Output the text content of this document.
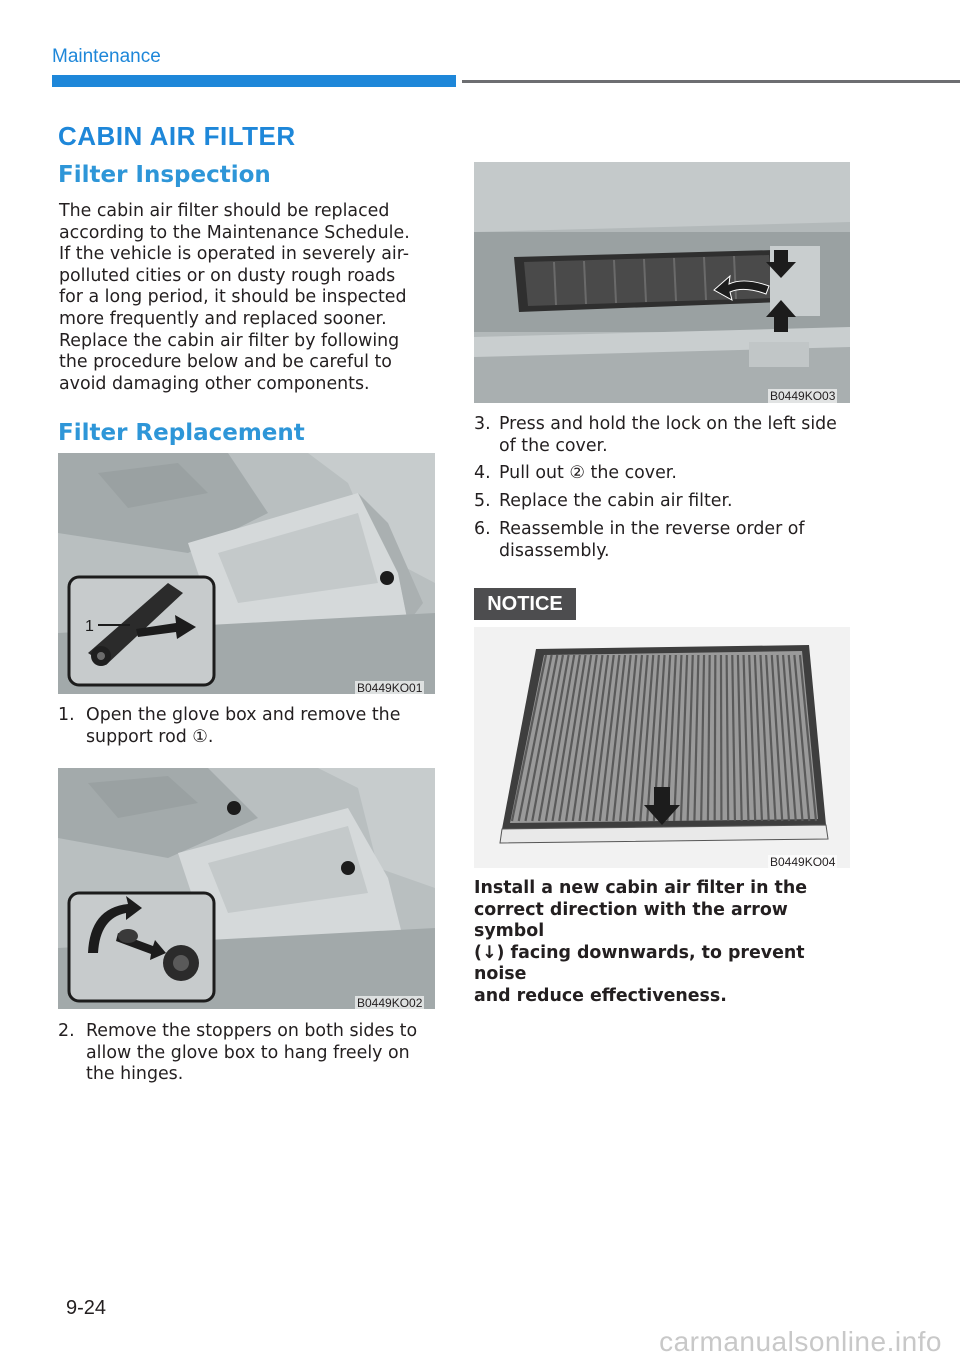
Maintenance
CABIN AIR FILTER
Filter Inspection
The cabin air filter should be replaced
according to the Maintenance Schedule.
If the vehicle is operated in severely air-
polluted cities or on dusty rough roads
for a long period, it should be inspected
more frequently and replaced sooner.
Replace the cabin air filter by following
the procedure below and be careful to
avoid damaging other components.
Filter Replacement
1
B0449KO01
1. Open the glove box and remove the
support rod ①.
B0449KO02
2. Remove the stoppers on both sides to
allow the glove box to hang freely on
the hinges.
B0449KO03
3. Press and hold the lock on the left side
of the cover.
4. Pull out ② the cover.
5. Replace the cabin air filter.
6. Reassemble in the reverse order of
disassembly.
NOTICE
B0449KO04
Install a new cabin air filter in the
correct direction with the arrow symbol
(↓) facing downwards, to prevent noise
and reduce effectiveness.
9-24
carmanualsonline.info
